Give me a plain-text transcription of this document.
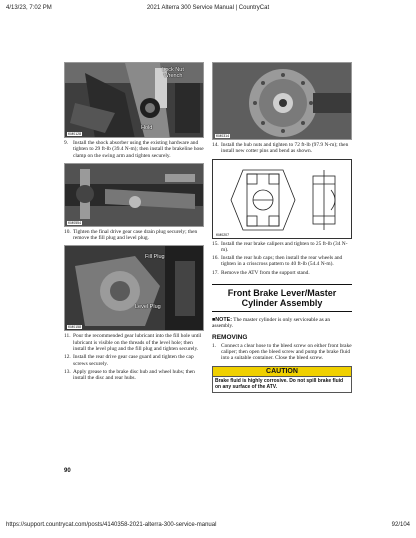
4/13/23, 7:02 PM	2021 Alterra 300 Service Manual | CountryCat
Lock Nut
Wrench
Hold
KM0128
9. Install the shock absorber using the existing hardware and tighten to 29 ft-lb (39.4 N-m); then install the brakeline hose clamp on the swing arm and tighten securely.
KM0554
10. Tighten the final drive gear case drain plug securely; then remove the fill plug and level plug.
Fill Plug
Level Plug
KM0158
11. Pour the recommended gear lubricant into the fill hole until lubricant is visible on the threads of the level hole; then install the level plug and the fill plug and tighten securely.
12. Install the rear drive gear case guard and tighten the cap screws securely.
13. Apply grease to the brake disc hub and wheel hubs; then install the disc and rear hubs.
KM0314
14. Install the hub nuts and tighten to 72 ft-lb (97.9 N-m); then install new cotter pins and bend as shown.
KM0207
15. Install the rear brake calipers and tighten to 25 ft-lb (34 N-m).
16. Install the rear hub caps; then install the rear wheels and tighten in a crisscross pattern to 40 ft-lb (54.4 N-m).
17. Remove the ATV from the support stand.
Front Brake Lever/Master
Cylinder Assembly
■NOTE: The master cylinder is only serviceable as an assembly.
REMOVING
1. Connect a clear hose to the bleed screw on either front brake caliper; then open the bleed screw and pump the brake fluid into a suitable container. Close the bleed screw.
CAUTION
Brake fluid is highly corrosive. Do not spill brake fluid on any surface of the ATV.
90
https://support.countrycat.com/posts/4140358-2021-alterra-300-service-manual	92/104
